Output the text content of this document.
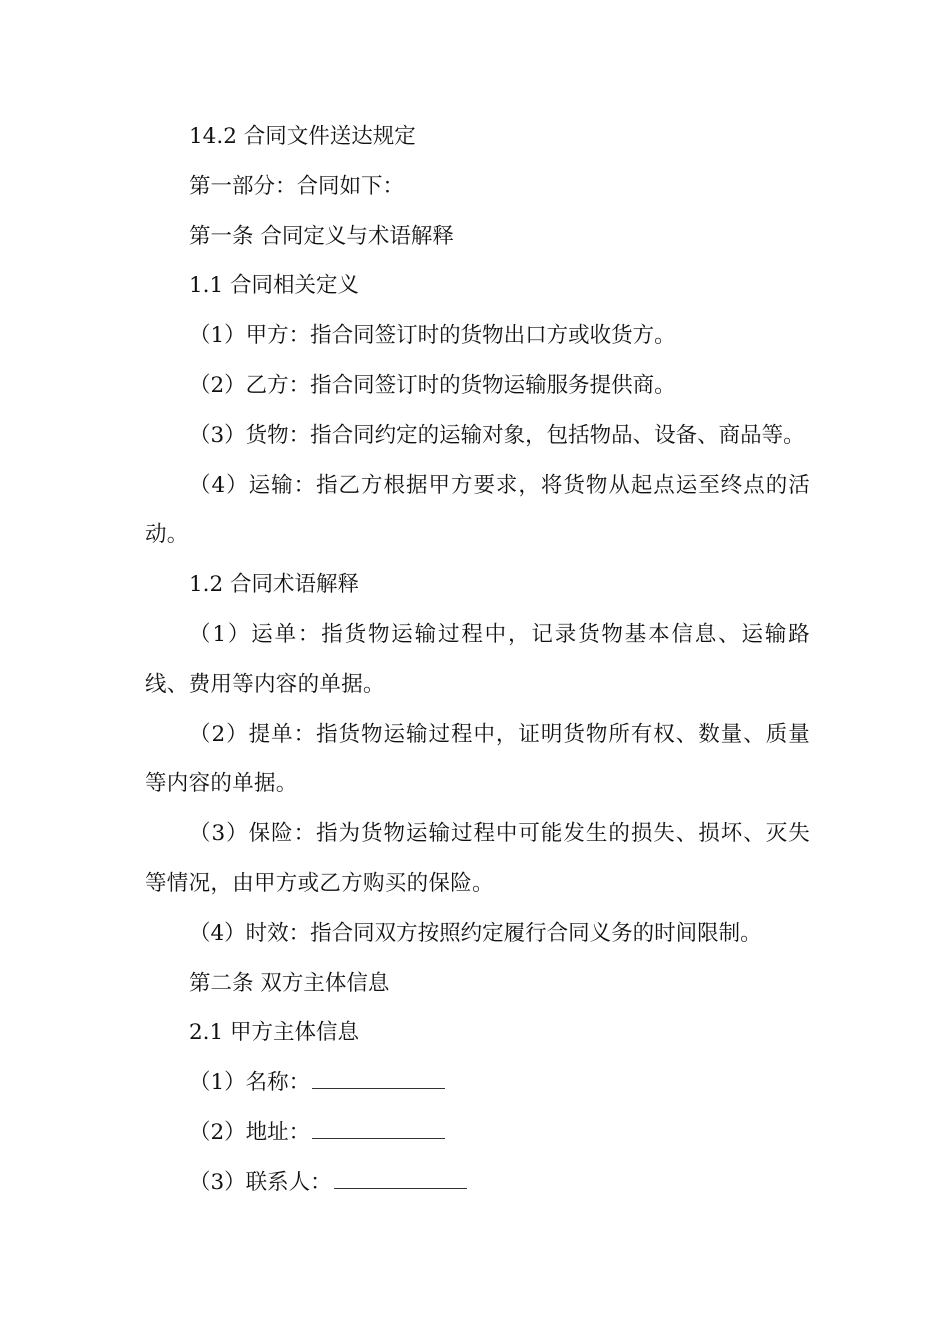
14.2 合同文件送达规定

第一部分：合同如下：

第一条 合同定义与术语解释

1.1 合同相关定义

（1）甲方：指合同签订时的货物出口方或收货方。

（2）乙方：指合同签订时的货物运输服务提供商。

（3）货物：指合同约定的运输对象，包括物品、设备、商品等。

（4）运输：指乙方根据甲方要求，将货物从起点运至终点的活动。

1.2 合同术语解释

（1）运单：指货物运输过程中，记录货物基本信息、运输路线、费用等内容的单据。

（2）提单：指货物运输过程中，证明货物所有权、数量、质量等内容的单据。

（3）保险：指为货物运输过程中可能发生的损失、损坏、灭失等情况，由甲方或乙方购买的保险。

（4）时效：指合同双方按照约定履行合同义务的时间限制。

第二条 双方主体信息

2.1 甲方主体信息

（1）名称：

（2）地址：

（3）联系人：
